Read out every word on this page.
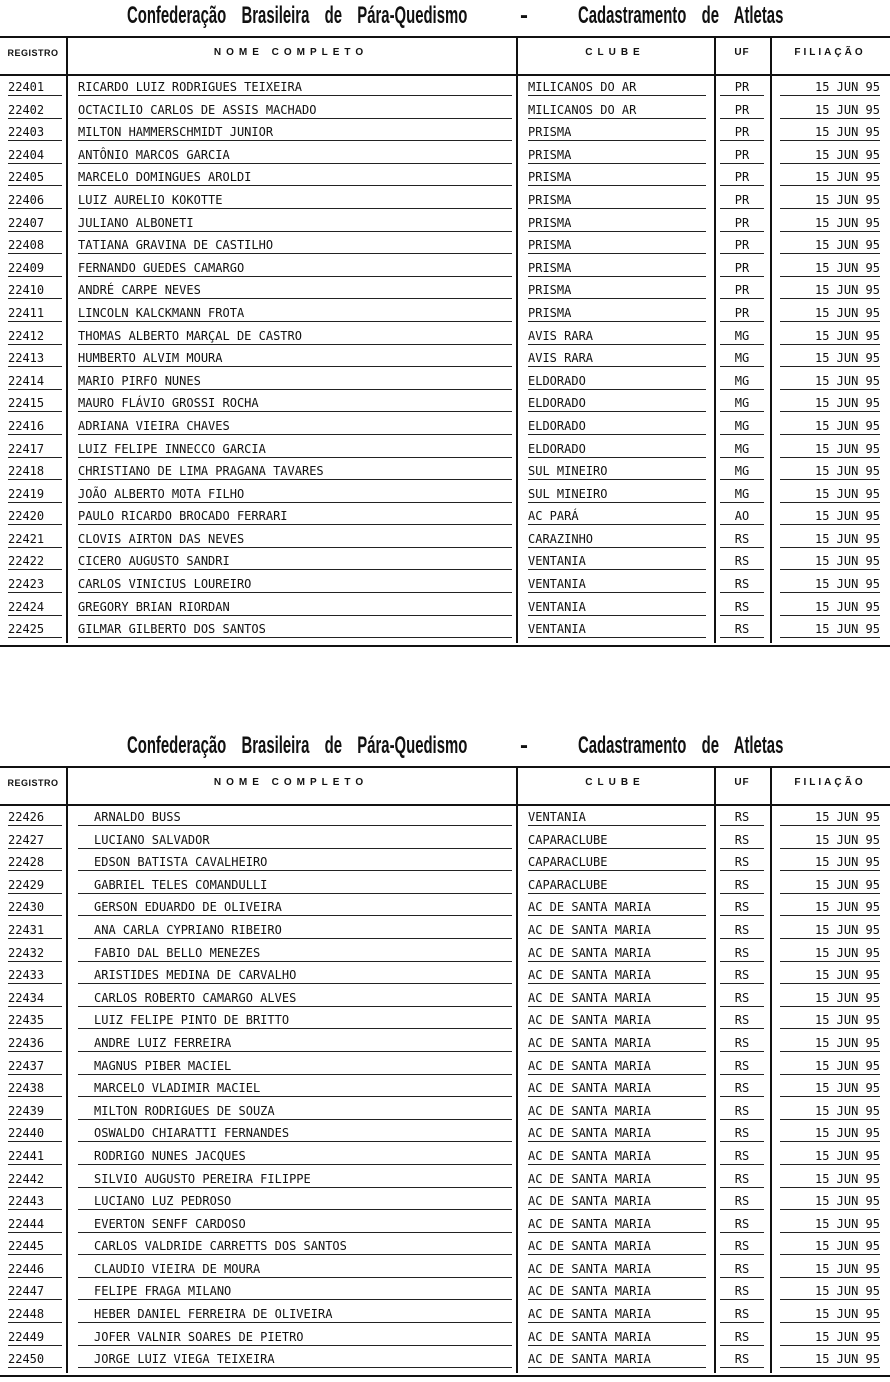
Confederação Brasileira de Pára-Quedismo - Cadastramento de Atletas
REGISTRO	NOME COMPLETO	CLUBE	UF	FILIAÇÃO
22401	RICARDO LUIZ RODRIGUES TEIXEIRA	MILICANOS DO AR	PR	15 JUN 95
22402	OCTACILIO CARLOS DE ASSIS MACHADO	MILICANOS DO AR	PR	15 JUN 95
22403	MILTON HAMMERSCHMIDT JUNIOR	PRISMA	PR	15 JUN 95
22404	ANTÔNIO MARCOS GARCIA	PRISMA	PR	15 JUN 95
22405	MARCELO DOMINGUES AROLDI	PRISMA	PR	15 JUN 95
22406	LUIZ AURELIO KOKOTTE	PRISMA	PR	15 JUN 95
22407	JULIANO ALBONETI	PRISMA	PR	15 JUN 95
22408	TATIANA GRAVINA DE CASTILHO	PRISMA	PR	15 JUN 95
22409	FERNANDO GUEDES CAMARGO	PRISMA	PR	15 JUN 95
22410	ANDRÉ CARPE NEVES	PRISMA	PR	15 JUN 95
22411	LINCOLN KALCKMANN FROTA	PRISMA	PR	15 JUN 95
22412	THOMAS ALBERTO MARÇAL DE CASTRO	AVIS RARA	MG	15 JUN 95
22413	HUMBERTO ALVIM MOURA	AVIS RARA	MG	15 JUN 95
22414	MARIO PIRFO NUNES	ELDORADO	MG	15 JUN 95
22415	MAURO FLÁVIO GROSSI ROCHA	ELDORADO	MG	15 JUN 95
22416	ADRIANA VIEIRA CHAVES	ELDORADO	MG	15 JUN 95
22417	LUIZ FELIPE INNECCO GARCIA	ELDORADO	MG	15 JUN 95
22418	CHRISTIANO DE LIMA PRAGANA TAVARES	SUL MINEIRO	MG	15 JUN 95
22419	JOÃO ALBERTO MOTA FILHO	SUL MINEIRO	MG	15 JUN 95
22420	PAULO RICARDO BROCADO FERRARI	AC PARÁ	AO	15 JUN 95
22421	CLOVIS AIRTON DAS NEVES	CARAZINHO	RS	15 JUN 95
22422	CICERO AUGUSTO SANDRI	VENTANIA	RS	15 JUN 95
22423	CARLOS VINICIUS LOUREIRO	VENTANIA	RS	15 JUN 95
22424	GREGORY BRIAN RIORDAN	VENTANIA	RS	15 JUN 95
22425	GILMAR GILBERTO DOS SANTOS	VENTANIA	RS	15 JUN 95
Confederação Brasileira de Pára-Quedismo - Cadastramento de Atletas
REGISTRO	NOME COMPLETO	CLUBE	UF	FILIAÇÃO
22426	ARNALDO BUSS	VENTANIA	RS	15 JUN 95
22427	LUCIANO SALVADOR	CAPARACLUBE	RS	15 JUN 95
22428	EDSON BATISTA CAVALHEIRO	CAPARACLUBE	RS	15 JUN 95
22429	GABRIEL TELES COMANDULLI	CAPARACLUBE	RS	15 JUN 95
22430	GERSON EDUARDO DE OLIVEIRA	AC DE SANTA MARIA	RS	15 JUN 95
22431	ANA CARLA CYPRIANO RIBEIRO	AC DE SANTA MARIA	RS	15 JUN 95
22432	FABIO DAL BELLO MENEZES	AC DE SANTA MARIA	RS	15 JUN 95
22433	ARISTIDES MEDINA DE CARVALHO	AC DE SANTA MARIA	RS	15 JUN 95
22434	CARLOS ROBERTO CAMARGO ALVES	AC DE SANTA MARIA	RS	15 JUN 95
22435	LUIZ FELIPE PINTO DE BRITTO	AC DE SANTA MARIA	RS	15 JUN 95
22436	ANDRE LUIZ FERREIRA	AC DE SANTA MARIA	RS	15 JUN 95
22437	MAGNUS PIBER MACIEL	AC DE SANTA MARIA	RS	15 JUN 95
22438	MARCELO VLADIMIR MACIEL	AC DE SANTA MARIA	RS	15 JUN 95
22439	MILTON RODRIGUES DE SOUZA	AC DE SANTA MARIA	RS	15 JUN 95
22440	OSWALDO CHIARATTI FERNANDES	AC DE SANTA MARIA	RS	15 JUN 95
22441	RODRIGO NUNES JACQUES	AC DE SANTA MARIA	RS	15 JUN 95
22442	SILVIO AUGUSTO PEREIRA FILIPPE	AC DE SANTA MARIA	RS	15 JUN 95
22443	LUCIANO LUZ PEDROSO	AC DE SANTA MARIA	RS	15 JUN 95
22444	EVERTON SENFF CARDOSO	AC DE SANTA MARIA	RS	15 JUN 95
22445	CARLOS VALDRIDE CARRETTS DOS SANTOS	AC DE SANTA MARIA	RS	15 JUN 95
22446	CLAUDIO VIEIRA DE MOURA	AC DE SANTA MARIA	RS	15 JUN 95
22447	FELIPE FRAGA MILANO	AC DE SANTA MARIA	RS	15 JUN 95
22448	HEBER DANIEL FERREIRA DE OLIVEIRA	AC DE SANTA MARIA	RS	15 JUN 95
22449	JOFER VALNIR SOARES DE PIETRO	AC DE SANTA MARIA	RS	15 JUN 95
22450	JORGE LUIZ VIEGA TEIXEIRA	AC DE SANTA MARIA	RS	15 JUN 95
